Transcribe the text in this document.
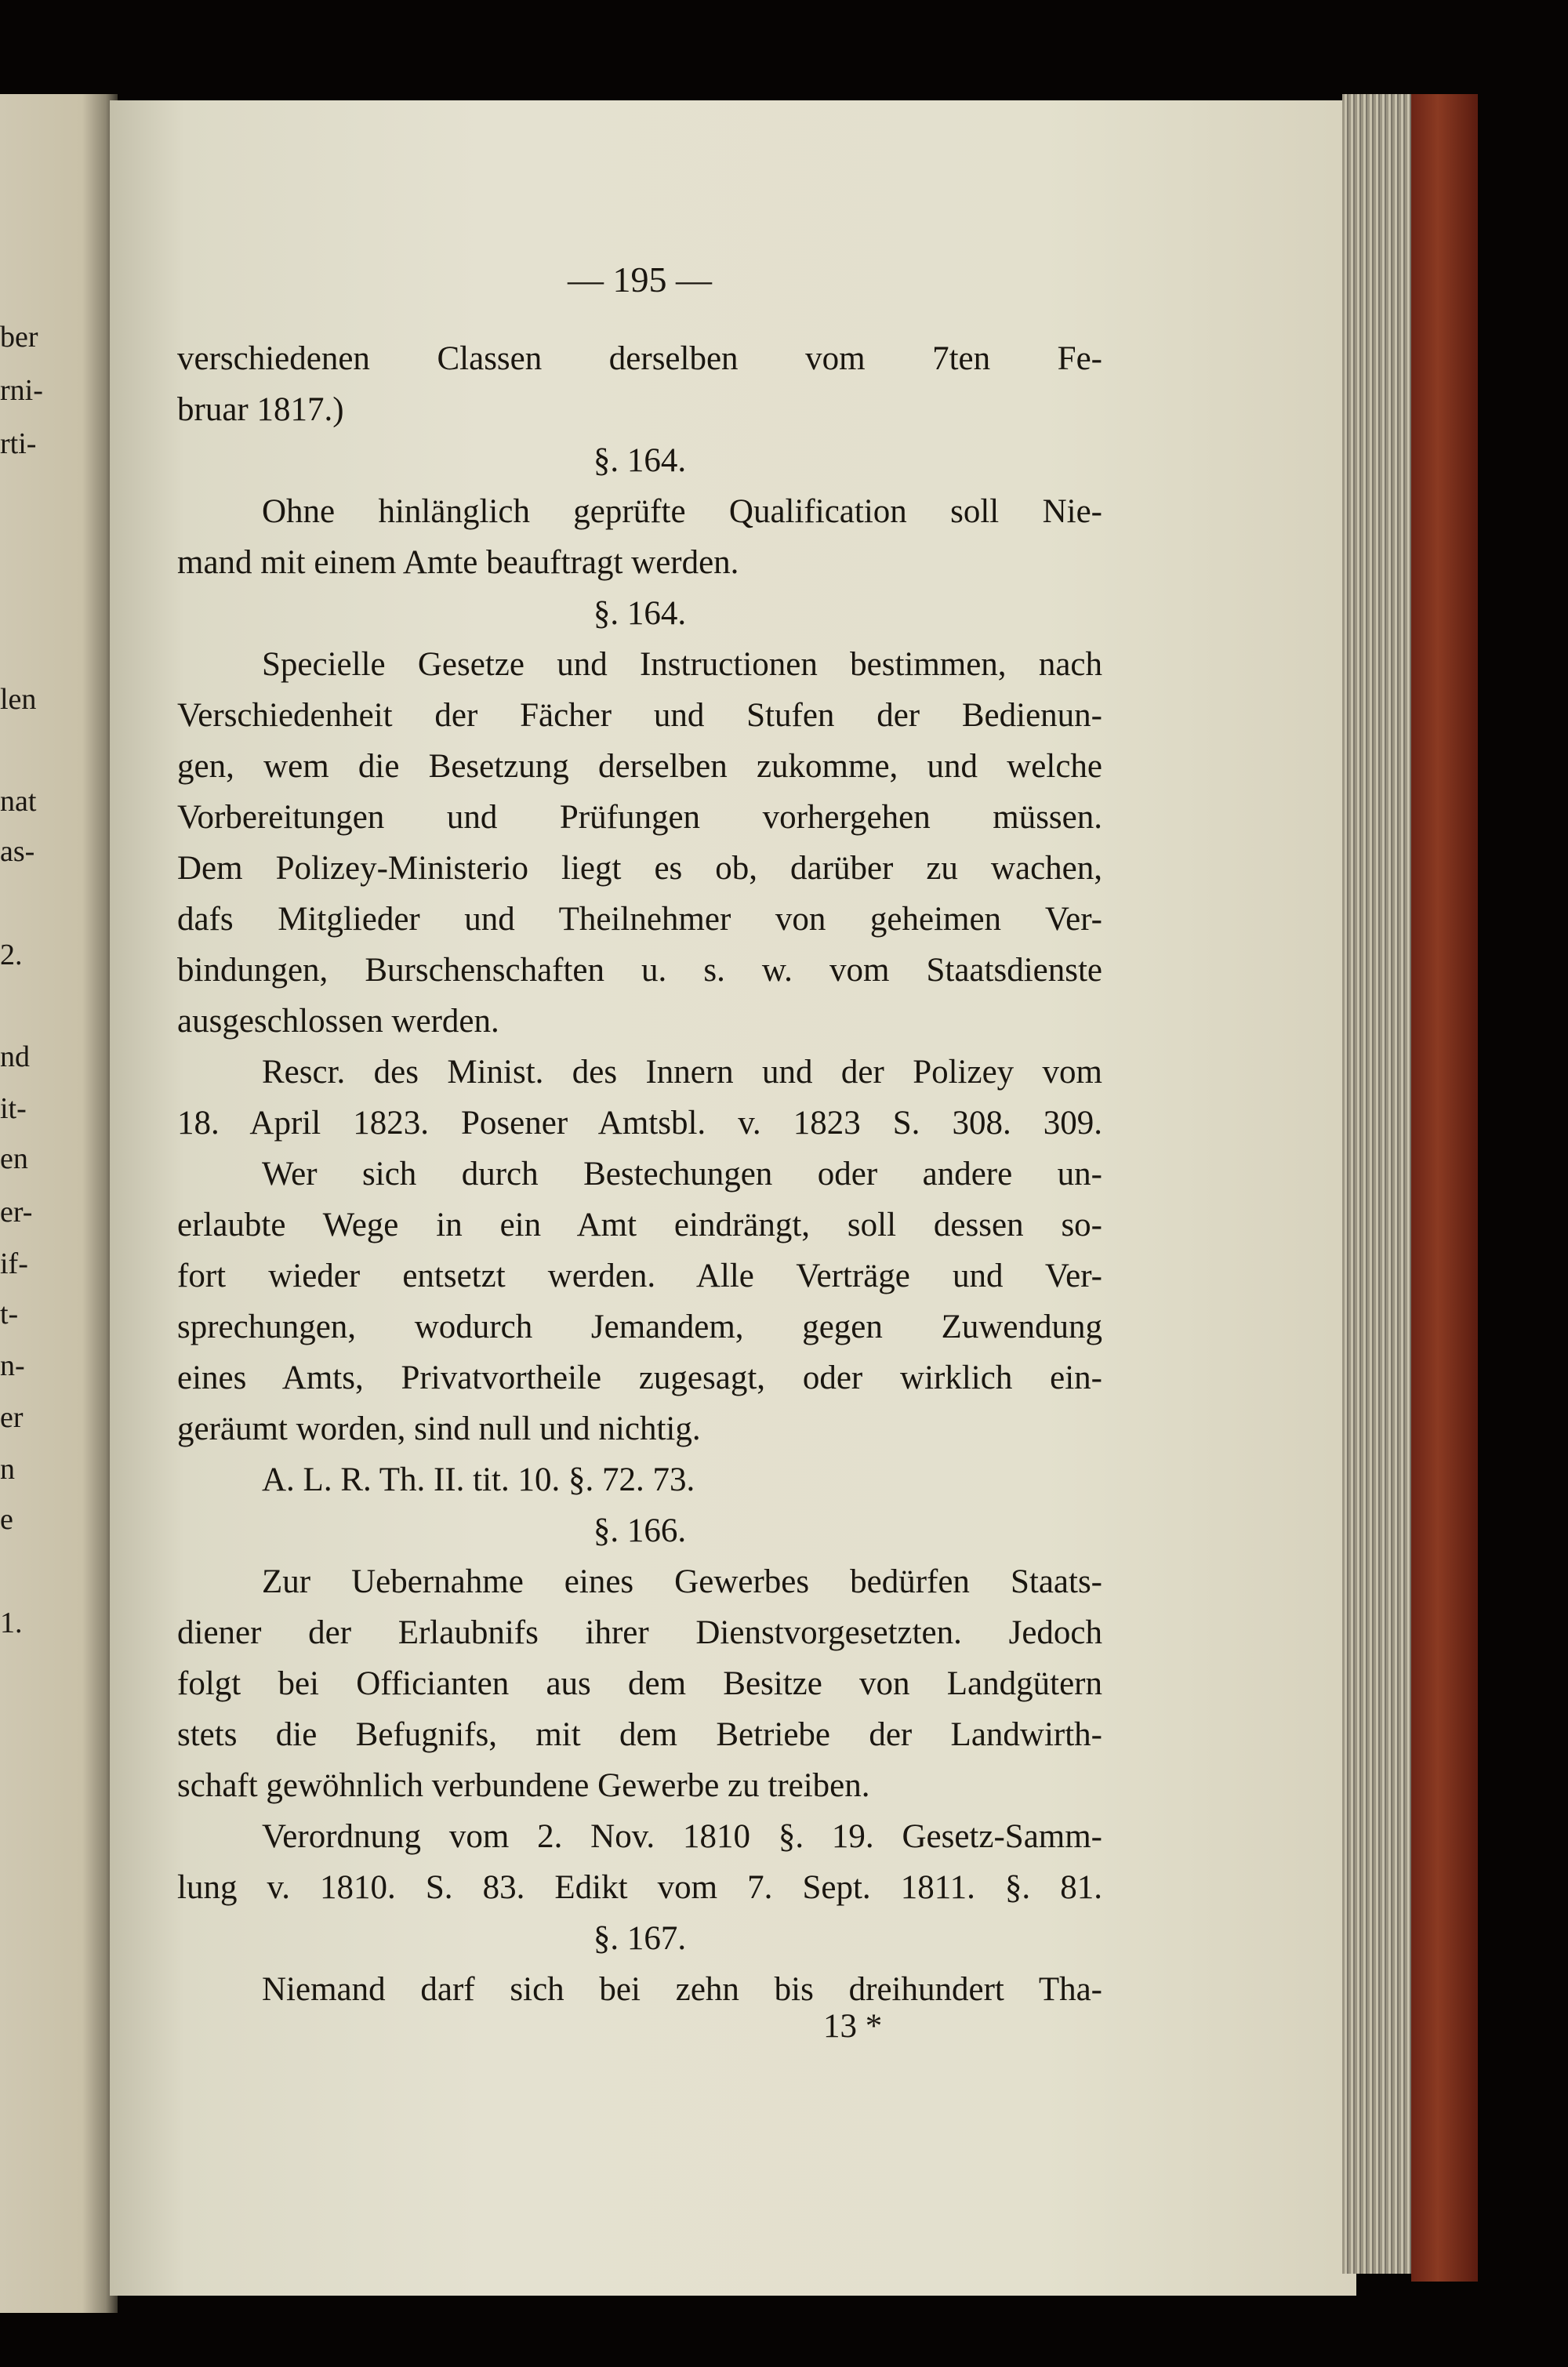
ber
rni-
rti-
len
nat
as-
2.
nd
it-
en
er-
if-
t-
n-
er
n
e
1.
— 195 —
verschiedenen Classen derselben vom 7ten Fe-
bruar 1817.)
§. 164.
Ohne hinlänglich geprüfte Qualification soll Nie-
mand mit einem Amte beauftragt werden.
§. 164.
Specielle Gesetze und Instructionen bestimmen, nach
Verschiedenheit der Fächer und Stufen der Bedienun-
gen, wem die Besetzung derselben zukomme, und welche
Vorbereitungen und Prüfungen vorhergehen müssen.
Dem Polizey-Ministerio liegt es ob, darüber zu wachen,
dafs Mitglieder und Theilnehmer von geheimen Ver-
bindungen, Burschenschaften u. s. w. vom Staatsdienste
ausgeschlossen werden.
Rescr. des Minist. des Innern und der Polizey vom
18. April 1823. Posener Amtsbl. v. 1823 S. 308. 309.
Wer sich durch Bestechungen oder andere un-
erlaubte Wege in ein Amt eindrängt, soll dessen so-
fort wieder entsetzt werden. Alle Verträge und Ver-
sprechungen, wodurch Jemandem, gegen Zuwendung
eines Amts, Privatvortheile zugesagt, oder wirklich ein-
geräumt worden, sind null und nichtig.
A. L. R. Th. II. tit. 10. §. 72. 73.
§. 166.
Zur Uebernahme eines Gewerbes bedürfen Staats-
diener der Erlaubnifs ihrer Dienstvorgesetzten. Jedoch
folgt bei Officianten aus dem Besitze von Landgütern
stets die Befugnifs, mit dem Betriebe der Landwirth-
schaft gewöhnlich verbundene Gewerbe zu treiben.
Verordnung vom 2. Nov. 1810 §. 19. Gesetz-Samm-
lung v. 1810. S. 83. Edikt vom 7. Sept. 1811. §. 81.
§. 167.
Niemand darf sich bei zehn bis dreihundert Tha-
13 *
